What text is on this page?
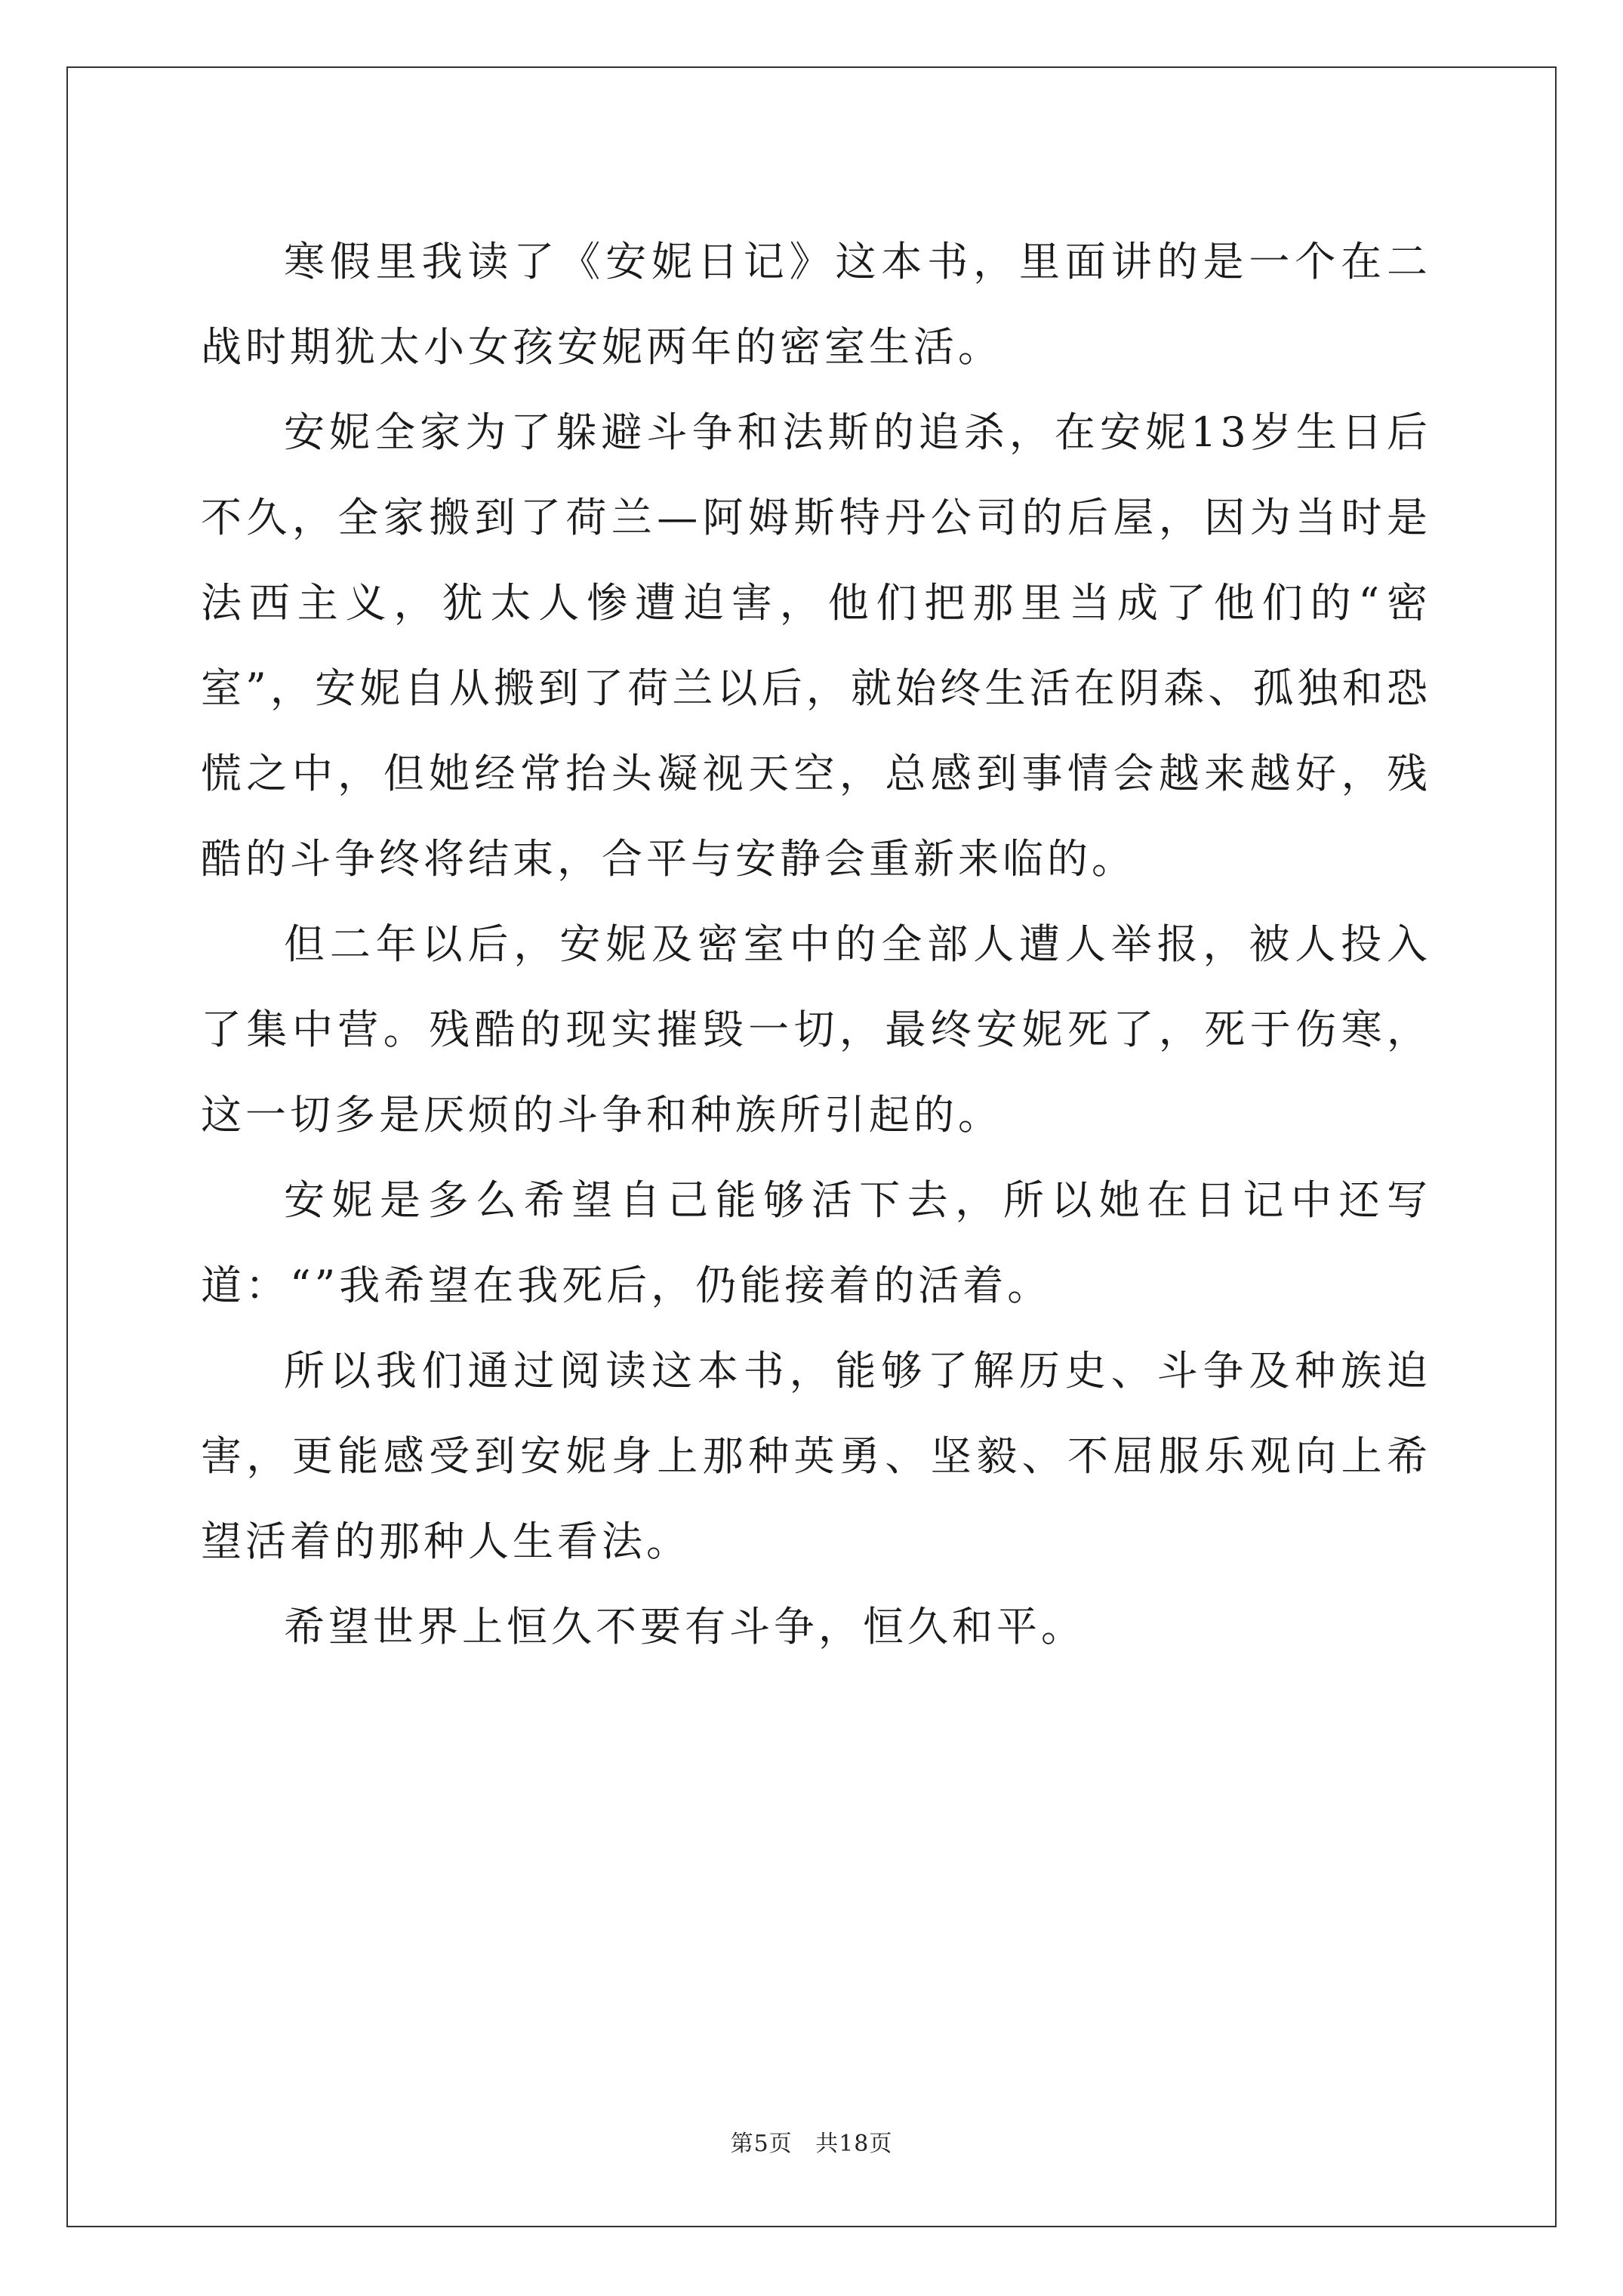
寒假里我读了《安妮日记》这本书，里面讲的是一个在二战时期犹太小女孩安妮两年的密室生活。

安妮全家为了躲避斗争和法斯的追杀，在安妮13岁生日后不久，全家搬到了荷兰—阿姆斯特丹公司的后屋，因为当时是法西主义，犹太人惨遭迫害，他们把那里当成了他们的“密室”，安妮自从搬到了荷兰以后，就始终生活在阴森、孤独和恐慌之中，但她经常抬头凝视天空，总感到事情会越来越好，残酷的斗争终将结束，合平与安静会重新来临的。

但二年以后，安妮及密室中的全部人遭人举报，被人投入了集中营。残酷的现实摧毁一切，最终安妮死了，死于伤寒，这一切多是厌烦的斗争和种族所引起的。

安妮是多么希望自己能够活下去，所以她在日记中还写道：“”我希望在我死后，仍能接着的活着。

所以我们通过阅读这本书，能够了解历史、斗争及种族迫害，更能感受到安妮身上那种英勇、坚毅、不屈服乐观向上希望活着的那种人生看法。

希望世界上恒久不要有斗争，恒久和平。

第5页 共18页
